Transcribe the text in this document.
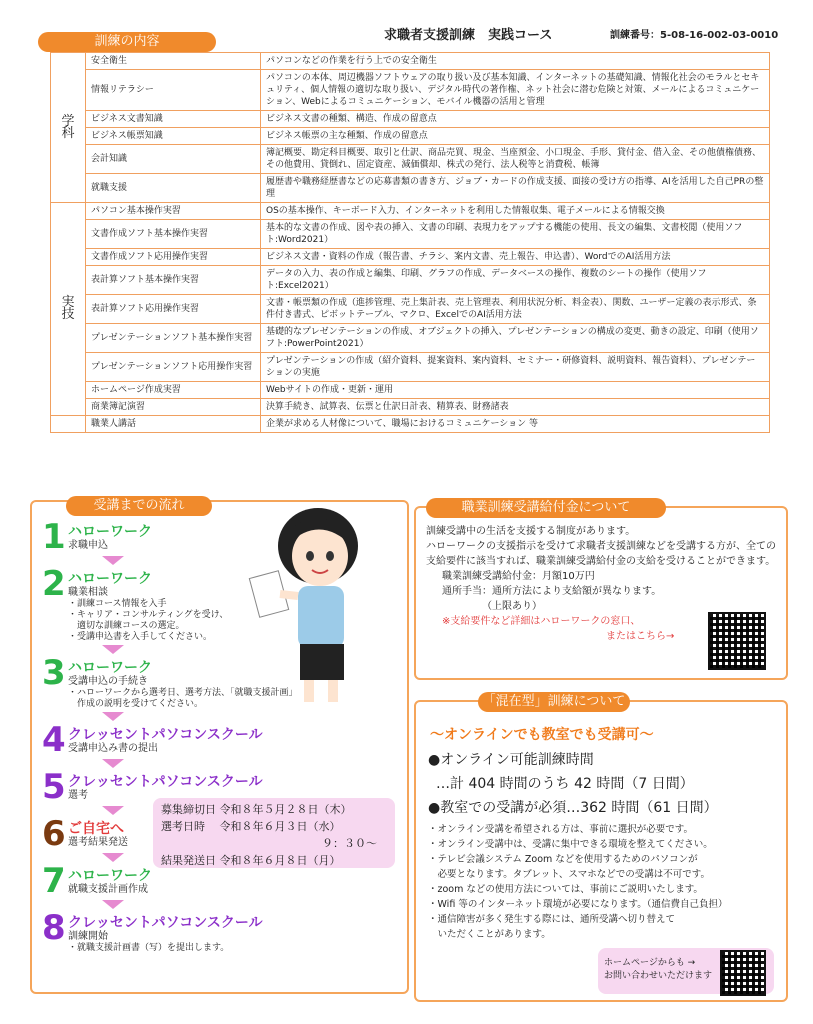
訓練の内容	求職者支援訓練　実践コース	訓練番号：5-08-16-002-03-0010
学科	安全衛生	パソコンなどの作業を行う上での安全衛生
	情報リテラシー	パソコンの本体、周辺機器ソフトウェアの取り扱い及び基本知識、インターネットの基礎知識、情報化社会のモラルとセキュリティ、個人情報の適切な取り扱い、デジタル時代の著作権、ネット社会に潜む危険と対策、メールによるコミュニケーション、Webによるコミュニケーション、モバイル機器の活用と管理
	ビジネス文書知識	ビジネス文書の種類、構造、作成の留意点
	ビジネス帳票知識	ビジネス帳票の主な種類、作成の留意点
	会計知識	簿記概要、勘定科目概要、取引と仕訳、商品売買、現金、当座預金、小口現金、手形、貸付金、借入金、その他債権債務、その他費用、貸倒れ、固定資産、減価償却、株式の発行、法人税等と消費税、帳簿
	就職支援	履歴書や職務経歴書などの応募書類の書き方、ジョブ・カードの作成支援、面接の受け方の指導、AIを活用した自己PRの整理
実技	パソコン基本操作実習	OSの基本操作、キーボード入力、インターネットを利用した情報収集、電子メールによる情報交換
	文書作成ソフト基本操作実習	基本的な文書の作成、図や表の挿入、文書の印刷、表現力をアップする機能の使用、長文の編集、文書校閲（使用ソフト:Word2021）
	文書作成ソフト応用操作実習	ビジネス文書・資料の作成（報告書、チラシ、案内文書、売上報告、申込書）、WordでのAI活用方法
	表計算ソフト基本操作実習	データの入力、表の作成と編集、印刷、グラフの作成、データベースの操作、複数のシートの操作（使用ソフト:Excel2021）
	表計算ソフト応用操作実習	文書・帳票類の作成（進捗管理、売上集計表、売上管理表、利用状況分析、料金表）、関数、ユーザー定義の表示形式、条件付き書式、ピボットテーブル、マクロ、ExcelでのAI活用方法
	プレゼンテーションソフト基本操作実習	基礎的なプレゼンテーションの作成、オブジェクトの挿入、プレゼンテーションの構成の変更、動きの設定、印刷（使用ソフト:PowerPoint2021）
	プレゼンテーションソフト応用操作実習	プレゼンテーションの作成（紹介資料、提案資料、案内資料、セミナー・研修資料、説明資料、報告資料）、プレゼンテーションの実施
	ホームページ作成実習	Webサイトの作成・更新・運用
	商業簿記演習	決算手続き、試算表、伝票と仕訳日計表、精算表、財務諸表
	職業人講話	企業が求める人材像について、職場におけるコミュニケーション 等
受講までの流れ
1 ハローワーク
求職申込
2 ハローワーク
職業相談
・訓練コース情報を入手
・キャリア・コンサルティングを受け、
　適切な訓練コースの選定。
・受講申込書を入手してください。
3 ハローワーク
受講申込の手続き
・ハローワークから選考日、選考方法、「就職支援計画」
　作成の説明を受けてください。
4 クレッセントパソコンスクール
受講申込み書の提出
5 クレッセントパソコンスクール
選考
6 ご自宅へ
選考結果発送
7 ハローワーク
就職支援計画作成
8 クレッセントパソコンスクール
訓練開始
・就職支援計画書（写）を提出します。
募集締切日 令和８年５月２８日（木）
選考日時　 令和８年６月３日（水）
９：３０～
結果発送日 令和８年６月８日（月）
職業訓練受講給付金について
訓練受講中の生活を支援する制度があります。
ハローワークの支援指示を受けて求職者支援訓練などを受講する方が、全ての支給要件に該当すれば、職業訓練受講給付金の支給を受けることができます。
職業訓練受講給付金：月額10万円
通所手当：通所方法により支給額が異なります。
（上限あり）
※支給要件など詳細はハローワークの窓口、
またはこちら→
「混在型」訓練について
～オンラインでも教室でも受講可～
●オンライン可能訓練時間
…計 404 時間のうち 42 時間（7 日間）
●教室での受講が必須…362 時間（61 日間）
・オンライン受講を希望される方は、事前に選択が必要です。
・オンライン受講中は、受講に集中できる環境を整えてください。
・テレビ会議システム Zoom などを使用するためのパソコンが
　必要となります。タブレット、スマホなどでの受講は不可です。
・zoom などの使用方法については、事前にご説明いたします。
・Wifi 等のインターネット環境が必要になります。（通信費自己負担）
・通信障害が多く発生する際には、通所受講へ切り替えて
　いただくことがあります。
ホームページからも →
お問い合わせいただけます
